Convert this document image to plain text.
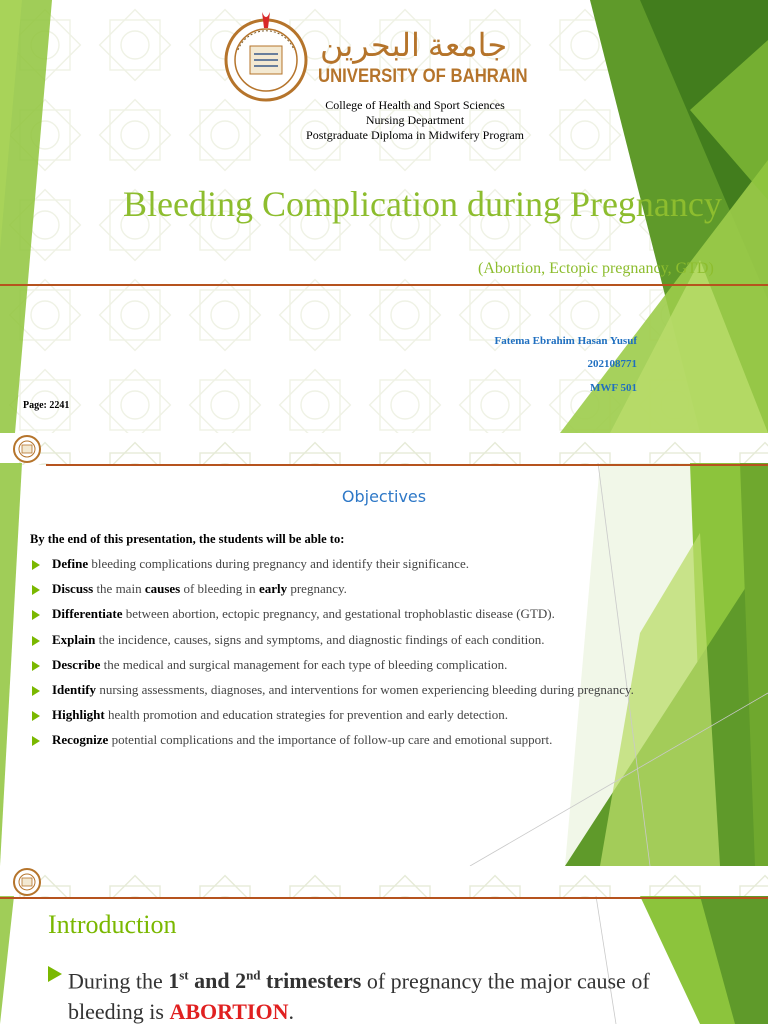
جامعة البحرين
UNIVERSITY OF BAHRAIN
College of Health and Sport Sciences
Nursing Department
Postgraduate Diploma in Midwifery Program
Bleeding Complication during Pregnancy
(Abortion, Ectopic pregnancy, GTD)
Fatema Ebrahim Hasan Yusuf
202108771
MWF 501
Page: 2241
Objectives
By the end of this presentation, the students will be able to:
Define bleeding complications during pregnancy and identify their significance.
Discuss the main causes of bleeding in early pregnancy.
Differentiate between abortion, ectopic pregnancy, and gestational trophoblastic disease (GTD).
Explain the incidence, causes, signs and symptoms, and diagnostic findings of each condition.
Describe the medical and surgical management for each type of bleeding complication.
Identify nursing assessments, diagnoses, and interventions for women experiencing bleeding during pregnancy.
Highlight health promotion and education strategies for prevention and early detection.
Recognize potential complications and the importance of follow-up care and emotional support.
Introduction
During the 1st and 2nd trimesters of pregnancy the major cause of bleeding is ABORTION.
